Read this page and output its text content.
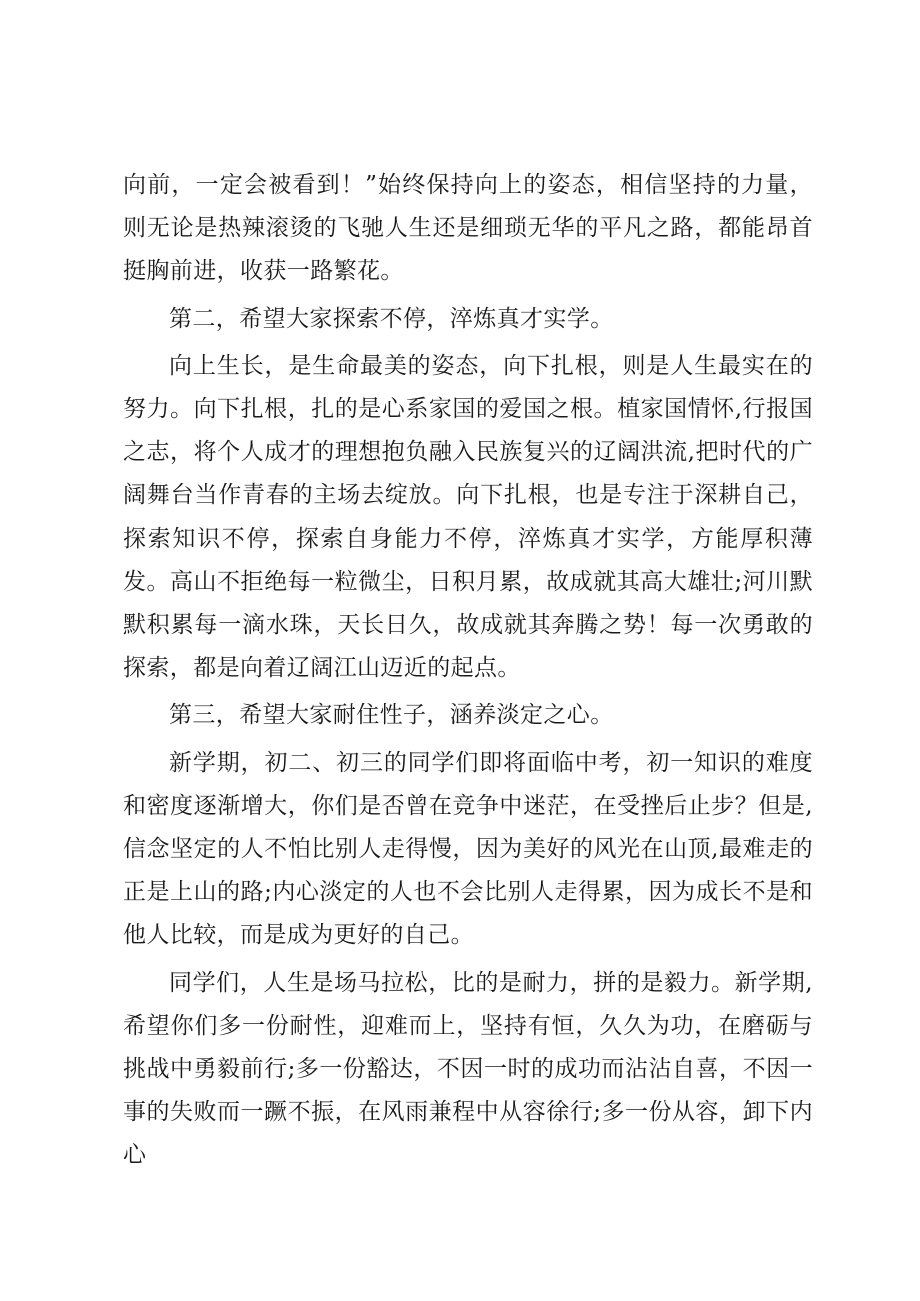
向前，一定会被看到！”始终保持向上的姿态，相信坚持的力量，则无论是热辣滚烫的飞驰人生还是细琐无华的平凡之路，都能昂首挺胸前进，收获一路繁花。

第二，希望大家探索不停，淬炼真才实学。

向上生长，是生命最美的姿态，向下扎根，则是人生最实在的努力。向下扎根，扎的是心系家国的爱国之根。植家国情怀,行报国之志，将个人成才的理想抱负融入民族复兴的辽阔洪流,把时代的广阔舞台当作青春的主场去绽放。向下扎根，也是专注于深耕自己，探索知识不停，探索自身能力不停，淬炼真才实学，方能厚积薄发。高山不拒绝每一粒微尘，日积月累，故成就其高大雄壮;河川默默积累每一滴水珠，天长日久，故成就其奔腾之势！每一次勇敢的探索，都是向着辽阔江山迈近的起点。

第三，希望大家耐住性子，涵养淡定之心。

新学期，初二、初三的同学们即将面临中考，初一知识的难度和密度逐渐增大，你们是否曾在竞争中迷茫，在受挫后止步？但是,信念坚定的人不怕比别人走得慢，因为美好的风光在山顶,最难走的正是上山的路;内心淡定的人也不会比别人走得累，因为成长不是和他人比较，而是成为更好的自己。

同学们，人生是场马拉松，比的是耐力，拼的是毅力。新学期,希望你们多一份耐性，迎难而上，坚持有恒，久久为功，在磨砺与挑战中勇毅前行;多一份豁达，不因一时的成功而沾沾自喜，不因一事的失败而一蹶不振，在风雨兼程中从容徐行;多一份从容，卸下内心
